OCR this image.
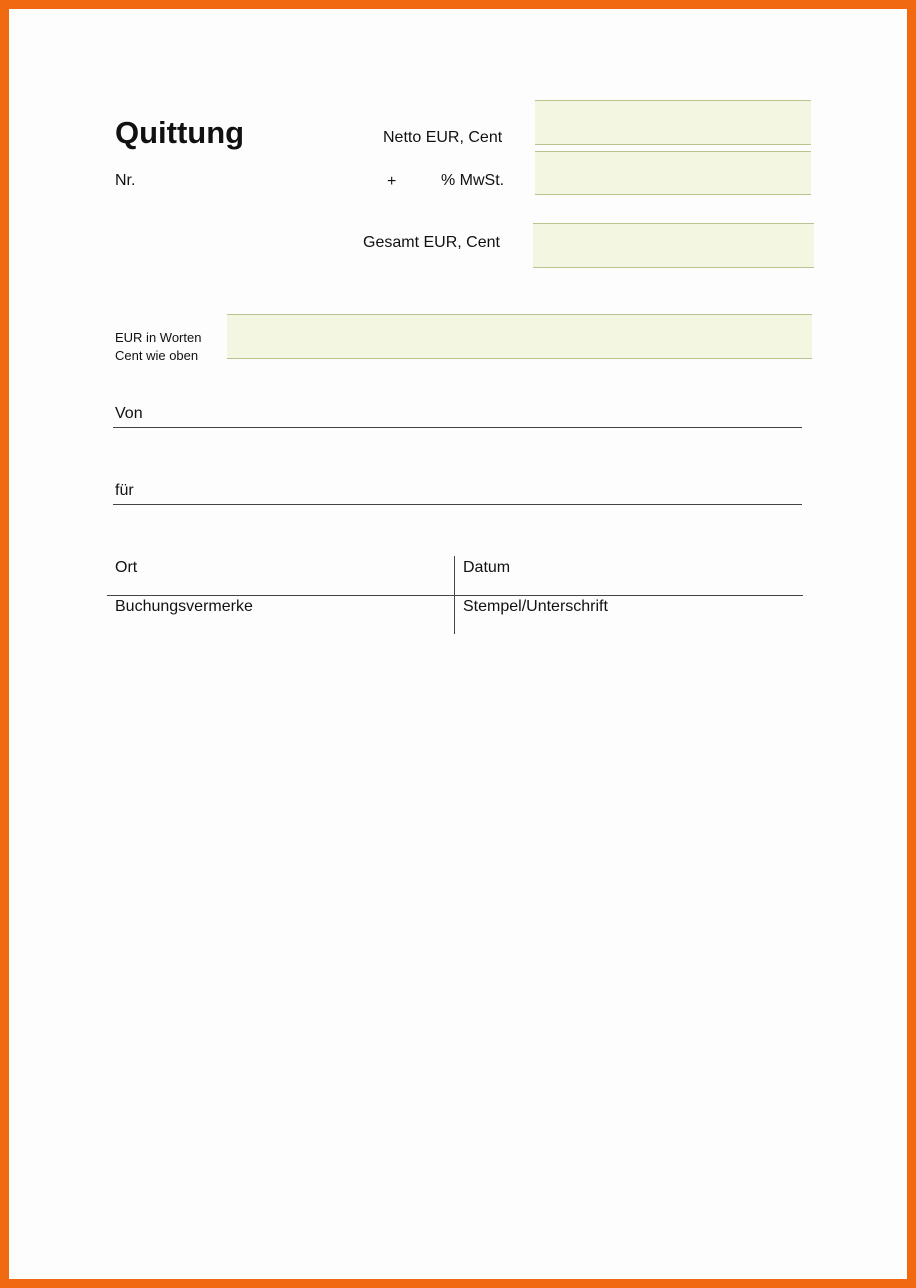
Quittung
Nr.
Netto EUR, Cent
+	% MwSt.
Gesamt EUR, Cent
EUR in Worten
Cent wie oben
Von
für
Ort	Datum
Buchungsvermerke	Stempel/Unterschrift
